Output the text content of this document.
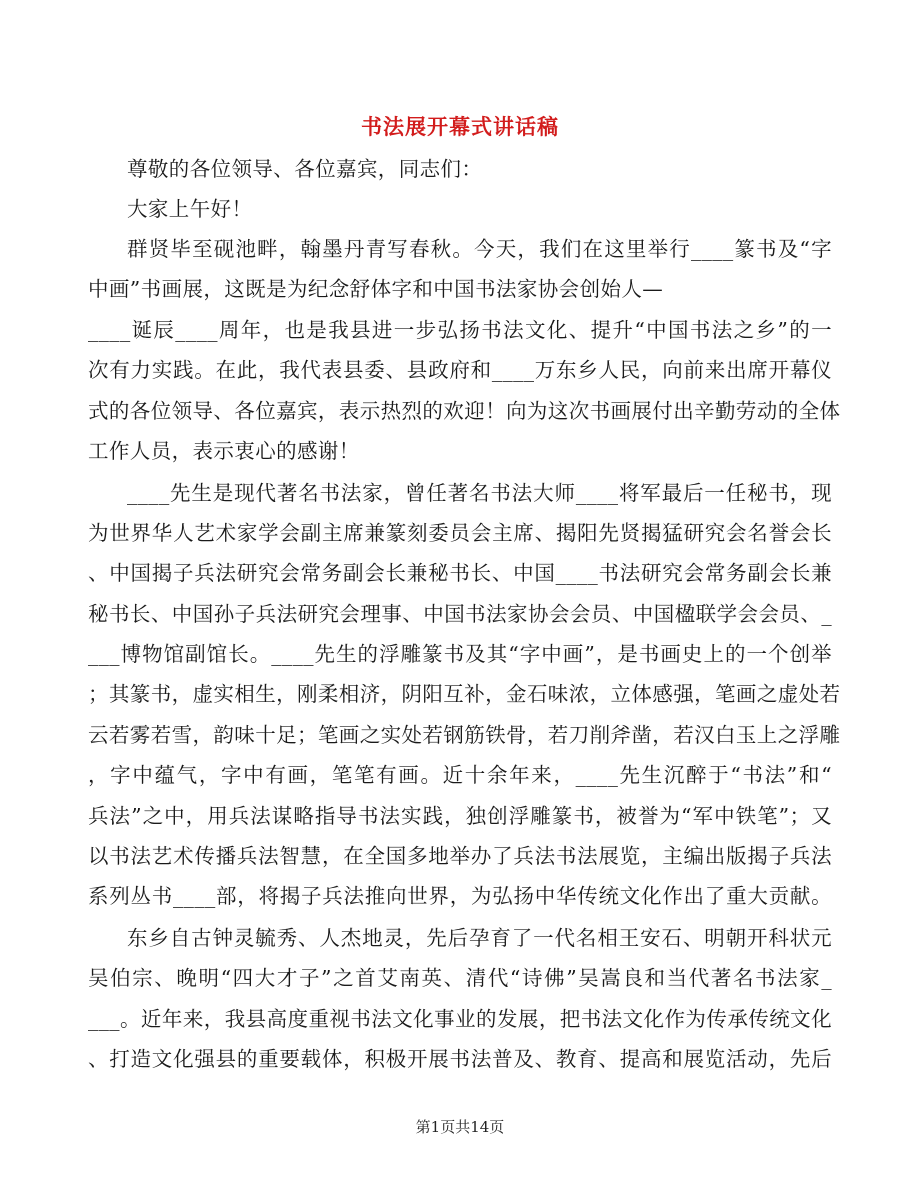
书法展开幕式讲话稿
尊敬的各位领导、各位嘉宾，同志们：
大家上午好！
群贤毕至砚池畔，翰墨丹青写春秋。今天，我们在这里举行____篆书及“字
中画”书画展，这既是为纪念舒体字和中国书法家协会创始人—
____诞辰____周年，也是我县进一步弘扬书法文化、提升“中国书法之乡”的一
次有力实践。在此，我代表县委、县政府和____万东乡人民，向前来出席开幕仪
式的各位领导、各位嘉宾，表示热烈的欢迎！向为这次书画展付出辛勤劳动的全体
工作人员，表示衷心的感谢！
____先生是现代著名书法家，曾任著名书法大师____将军最后一任秘书，现
为世界华人艺术家学会副主席兼篆刻委员会主席、揭阳先贤揭猛研究会名誉会长
、中国揭子兵法研究会常务副会长兼秘书长、中国____书法研究会常务副会长兼
秘书长、中国孙子兵法研究会理事、中国书法家协会会员、中国楹联学会会员、_
___博物馆副馆长。____先生的浮雕篆书及其“字中画”，是书画史上的一个创举
；其篆书，虚实相生，刚柔相济，阴阳互补，金石味浓，立体感强，笔画之虚处若
云若雾若雪，韵味十足；笔画之实处若钢筋铁骨，若刀削斧凿，若汉白玉上之浮雕
，字中蕴气，字中有画，笔笔有画。近十余年来，____先生沉醉于“书法”和“
兵法”之中，用兵法谋略指导书法实践，独创浮雕篆书，被誉为“军中铁笔”；又
以书法艺术传播兵法智慧，在全国多地举办了兵法书法展览，主编出版揭子兵法
系列丛书____部，将揭子兵法推向世界，为弘扬中华传统文化作出了重大贡献。
东乡自古钟灵毓秀、人杰地灵，先后孕育了一代名相王安石、明朝开科状元
吴伯宗、晚明“四大才子”之首艾南英、清代“诗佛”吴嵩良和当代著名书法家_
___。近年来，我县高度重视书法文化事业的发展，把书法文化作为传承传统文化
、打造文化强县的重要载体，积极开展书法普及、教育、提高和展览活动，先后
第1页共14页
